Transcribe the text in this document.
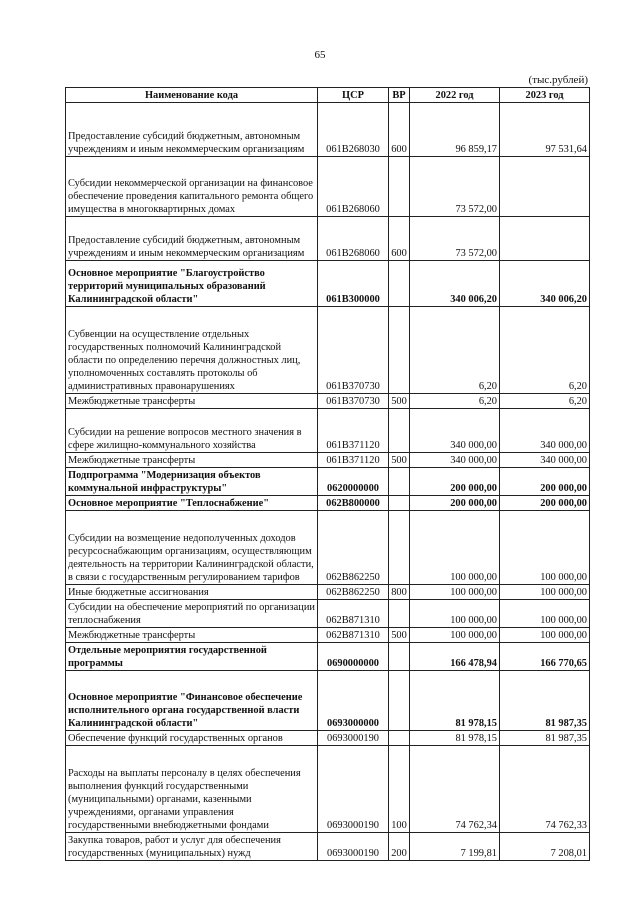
65
(тыс.рублей)
Наименование кода	ЦСР	ВР	2022 год	2023 год
Предоставление субсидий бюджетным, автономным учреждениям и иным некоммерческим организациям	061B268030	600	96 859,17	97 531,64
Субсидии некоммерческой организации на финансовое обеспечение проведения капитального ремонта общего имущества в многоквартирных домах	061B268060		73 572,00	
Предоставление субсидий бюджетным, автономным учреждениям и иным некоммерческим организациям	061B268060	600	73 572,00	
Основное мероприятие "Благоустройство территорий муниципальных образований Калининградской области"	061B300000		340 006,20	340 006,20
Субвенции на осуществление отдельных государственных полномочий Калининградской области по определению перечня должностных лиц, уполномоченных составлять протоколы об административных правонарушениях	061B370730		6,20	6,20
Межбюджетные трансферты	061B370730	500	6,20	6,20
Субсидии на решение вопросов местного значения в сфере жилищно-коммунального хозяйства	061B371120		340 000,00	340 000,00
Межбюджетные трансферты	061B371120	500	340 000,00	340 000,00
Подпрограмма "Модернизация объектов коммунальной инфраструктуры"	0620000000		200 000,00	200 000,00
Основное мероприятие "Теплоснабжение"	062B800000		200 000,00	200 000,00
Субсидии на возмещение недополученных доходов ресурсоснабжающим организациям, осуществляющим деятельность на территории Калининградской области, в связи с государственным регулированием тарифов	062B862250		100 000,00	100 000,00
Иные бюджетные ассигнования	062B862250	800	100 000,00	100 000,00
Субсидии на обеспечение мероприятий по организации теплоснабжения	062B871310		100 000,00	100 000,00
Межбюджетные трансферты	062B871310	500	100 000,00	100 000,00
Отдельные мероприятия государственной программы	0690000000		166 478,94	166 770,65
Основное мероприятие "Финансовое обеспечение исполнительного органа государственной власти Калининградской области"	0693000000		81 978,15	81 987,35
Обеспечение функций государственных органов	0693000190		81 978,15	81 987,35
Расходы на выплаты персоналу в целях обеспечения выполнения функций государственными (муниципальными) органами, казенными учреждениями, органами управления государственными внебюджетными фондами	0693000190	100	74 762,34	74 762,33
Закупка товаров, работ и услуг для обеспечения государственных (муниципальных) нужд	0693000190	200	7 199,81	7 208,01
